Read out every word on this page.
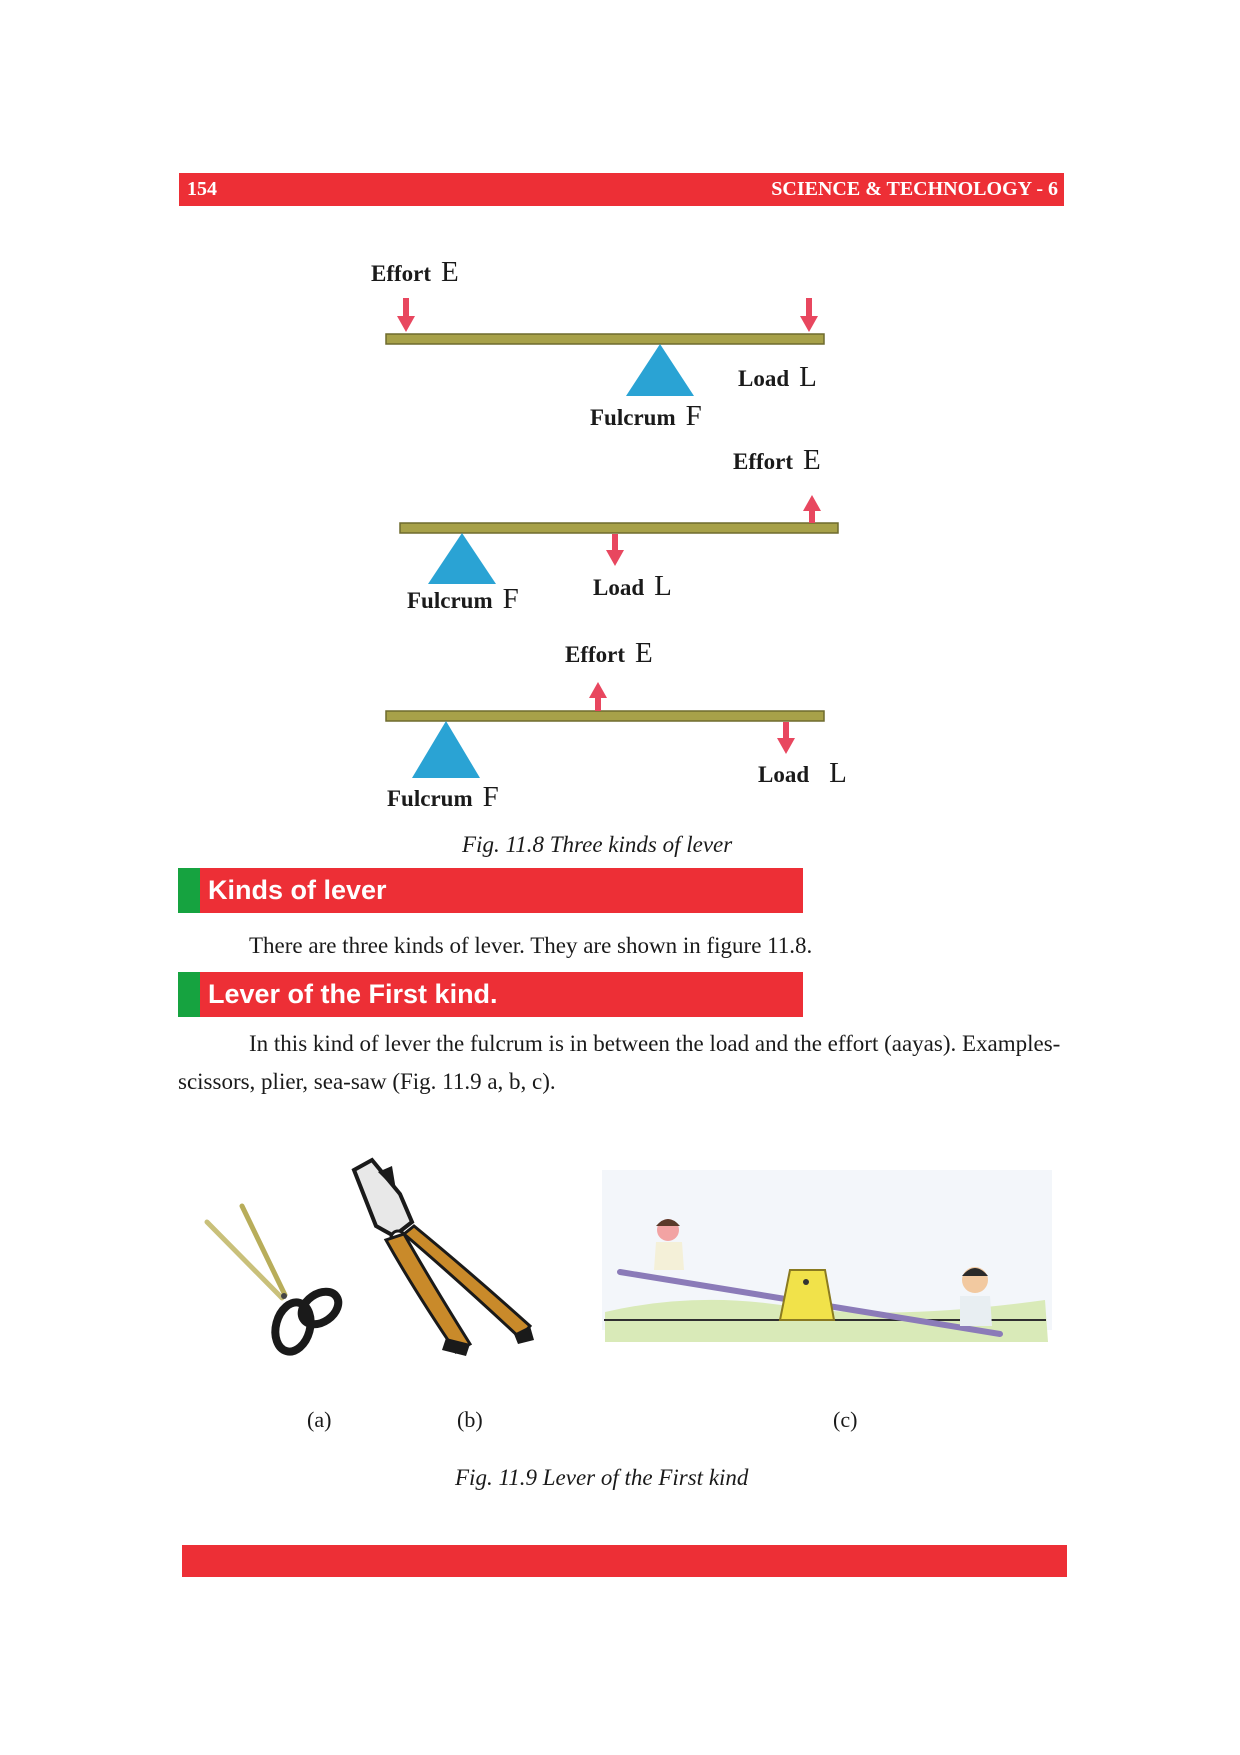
154	SCIENCE & TECHNOLOGY - 6
Effort E
Load L
Fulcrum F
Effort E
Load L
Fulcrum F
Effort E
Load L
Fulcrum F
Fig. 11.8 Three kinds of lever
Kinds of lever
There are three kinds of lever. They are shown in figure 11.8.
Lever of the First kind.
In this kind of lever the fulcrum is in between the load and the effort (aayas). Examples-
scissors, plier, sea-saw (Fig. 11.9 a, b, c).
(a)	(b)	(c)
Fig. 11.9 Lever of the First kind
